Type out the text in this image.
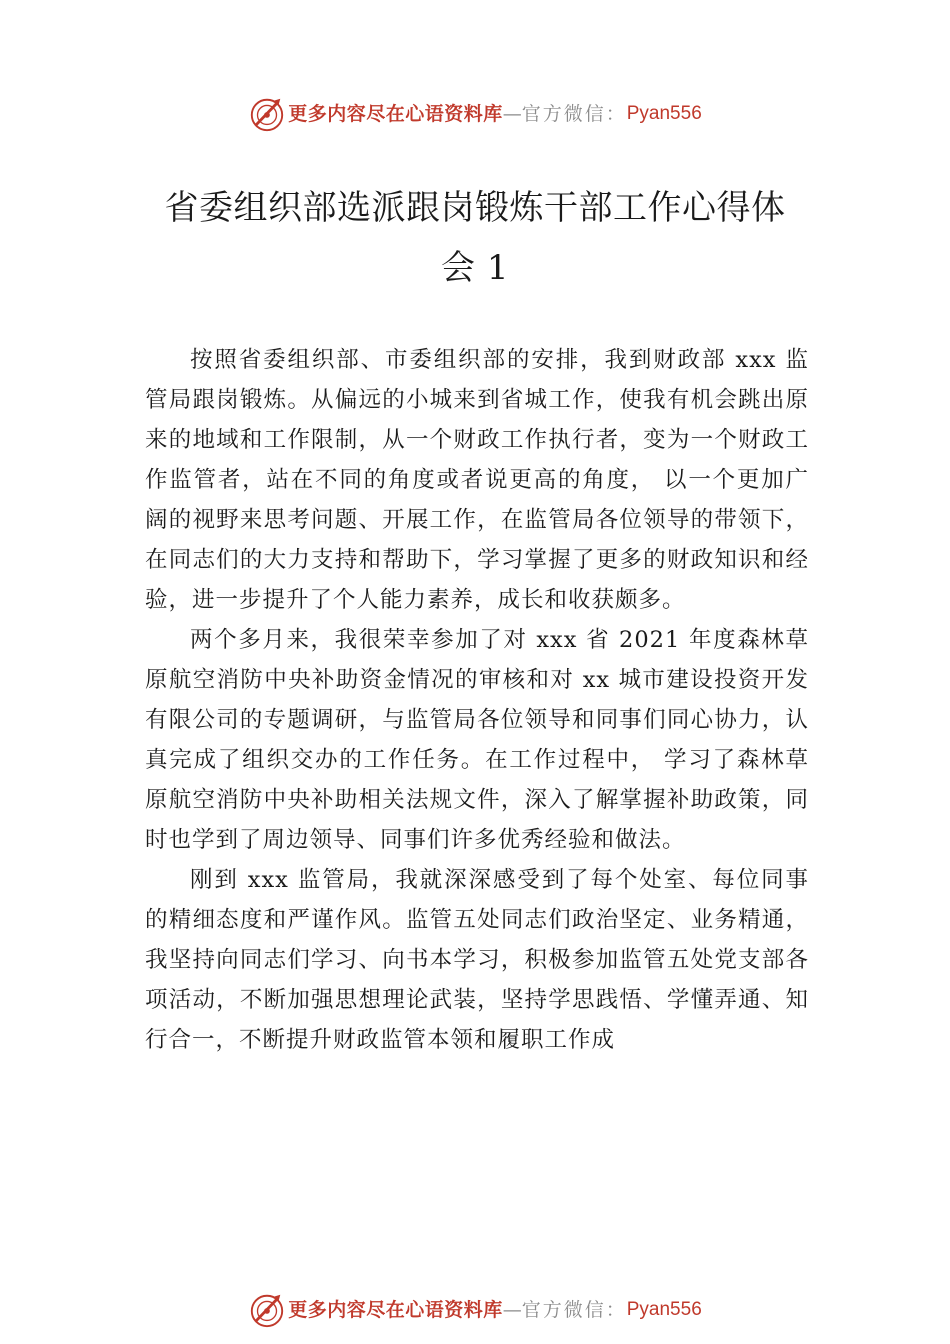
更多内容尽在心语资料库 — 官方微信： Pyan556
省委组织部选派跟岗锻炼干部工作心得体会 1

按照省委组织部、市委组织部的安排，我到财政部 xxx 监管局跟岗锻炼。从偏远的小城来到省城工作，使我有机会跳出原来的地域和工作限制，从一个财政工作执行者，变为一个财政工作监管者，站在不同的角度或者说更高的角度， 以一个更加广阔的视野来思考问题、开展工作，在监管局各位领导的带领下，在同志们的大力支持和帮助下，学习掌握了更多的财政知识和经验，进一步提升了个人能力素养，成长和收获颇多。

两个多月来，我很荣幸参加了对 xxx 省 2021 年度森林草原航空消防中央补助资金情况的审核和对 xx 城市建设投资开发有限公司的专题调研，与监管局各位领导和同事们同心协力，认真完成了组织交办的工作任务。在工作过程中， 学习了森林草原航空消防中央补助相关法规文件，深入了解掌握补助政策，同时也学到了周边领导、同事们许多优秀经验和做法。

刚到 xxx 监管局，我就深深感受到了每个处室、每位同事的精细态度和严谨作风。监管五处同志们政治坚定、业务精通，我坚持向同志们学习、向书本学习，积极参加监管五处党支部各项活动，不断加强思想理论武装，坚持学思践悟、学懂弄通、知行合一，不断提升财政监管本领和履职工作成

更多内容尽在心语资料库 — 官方微信： Pyan556
